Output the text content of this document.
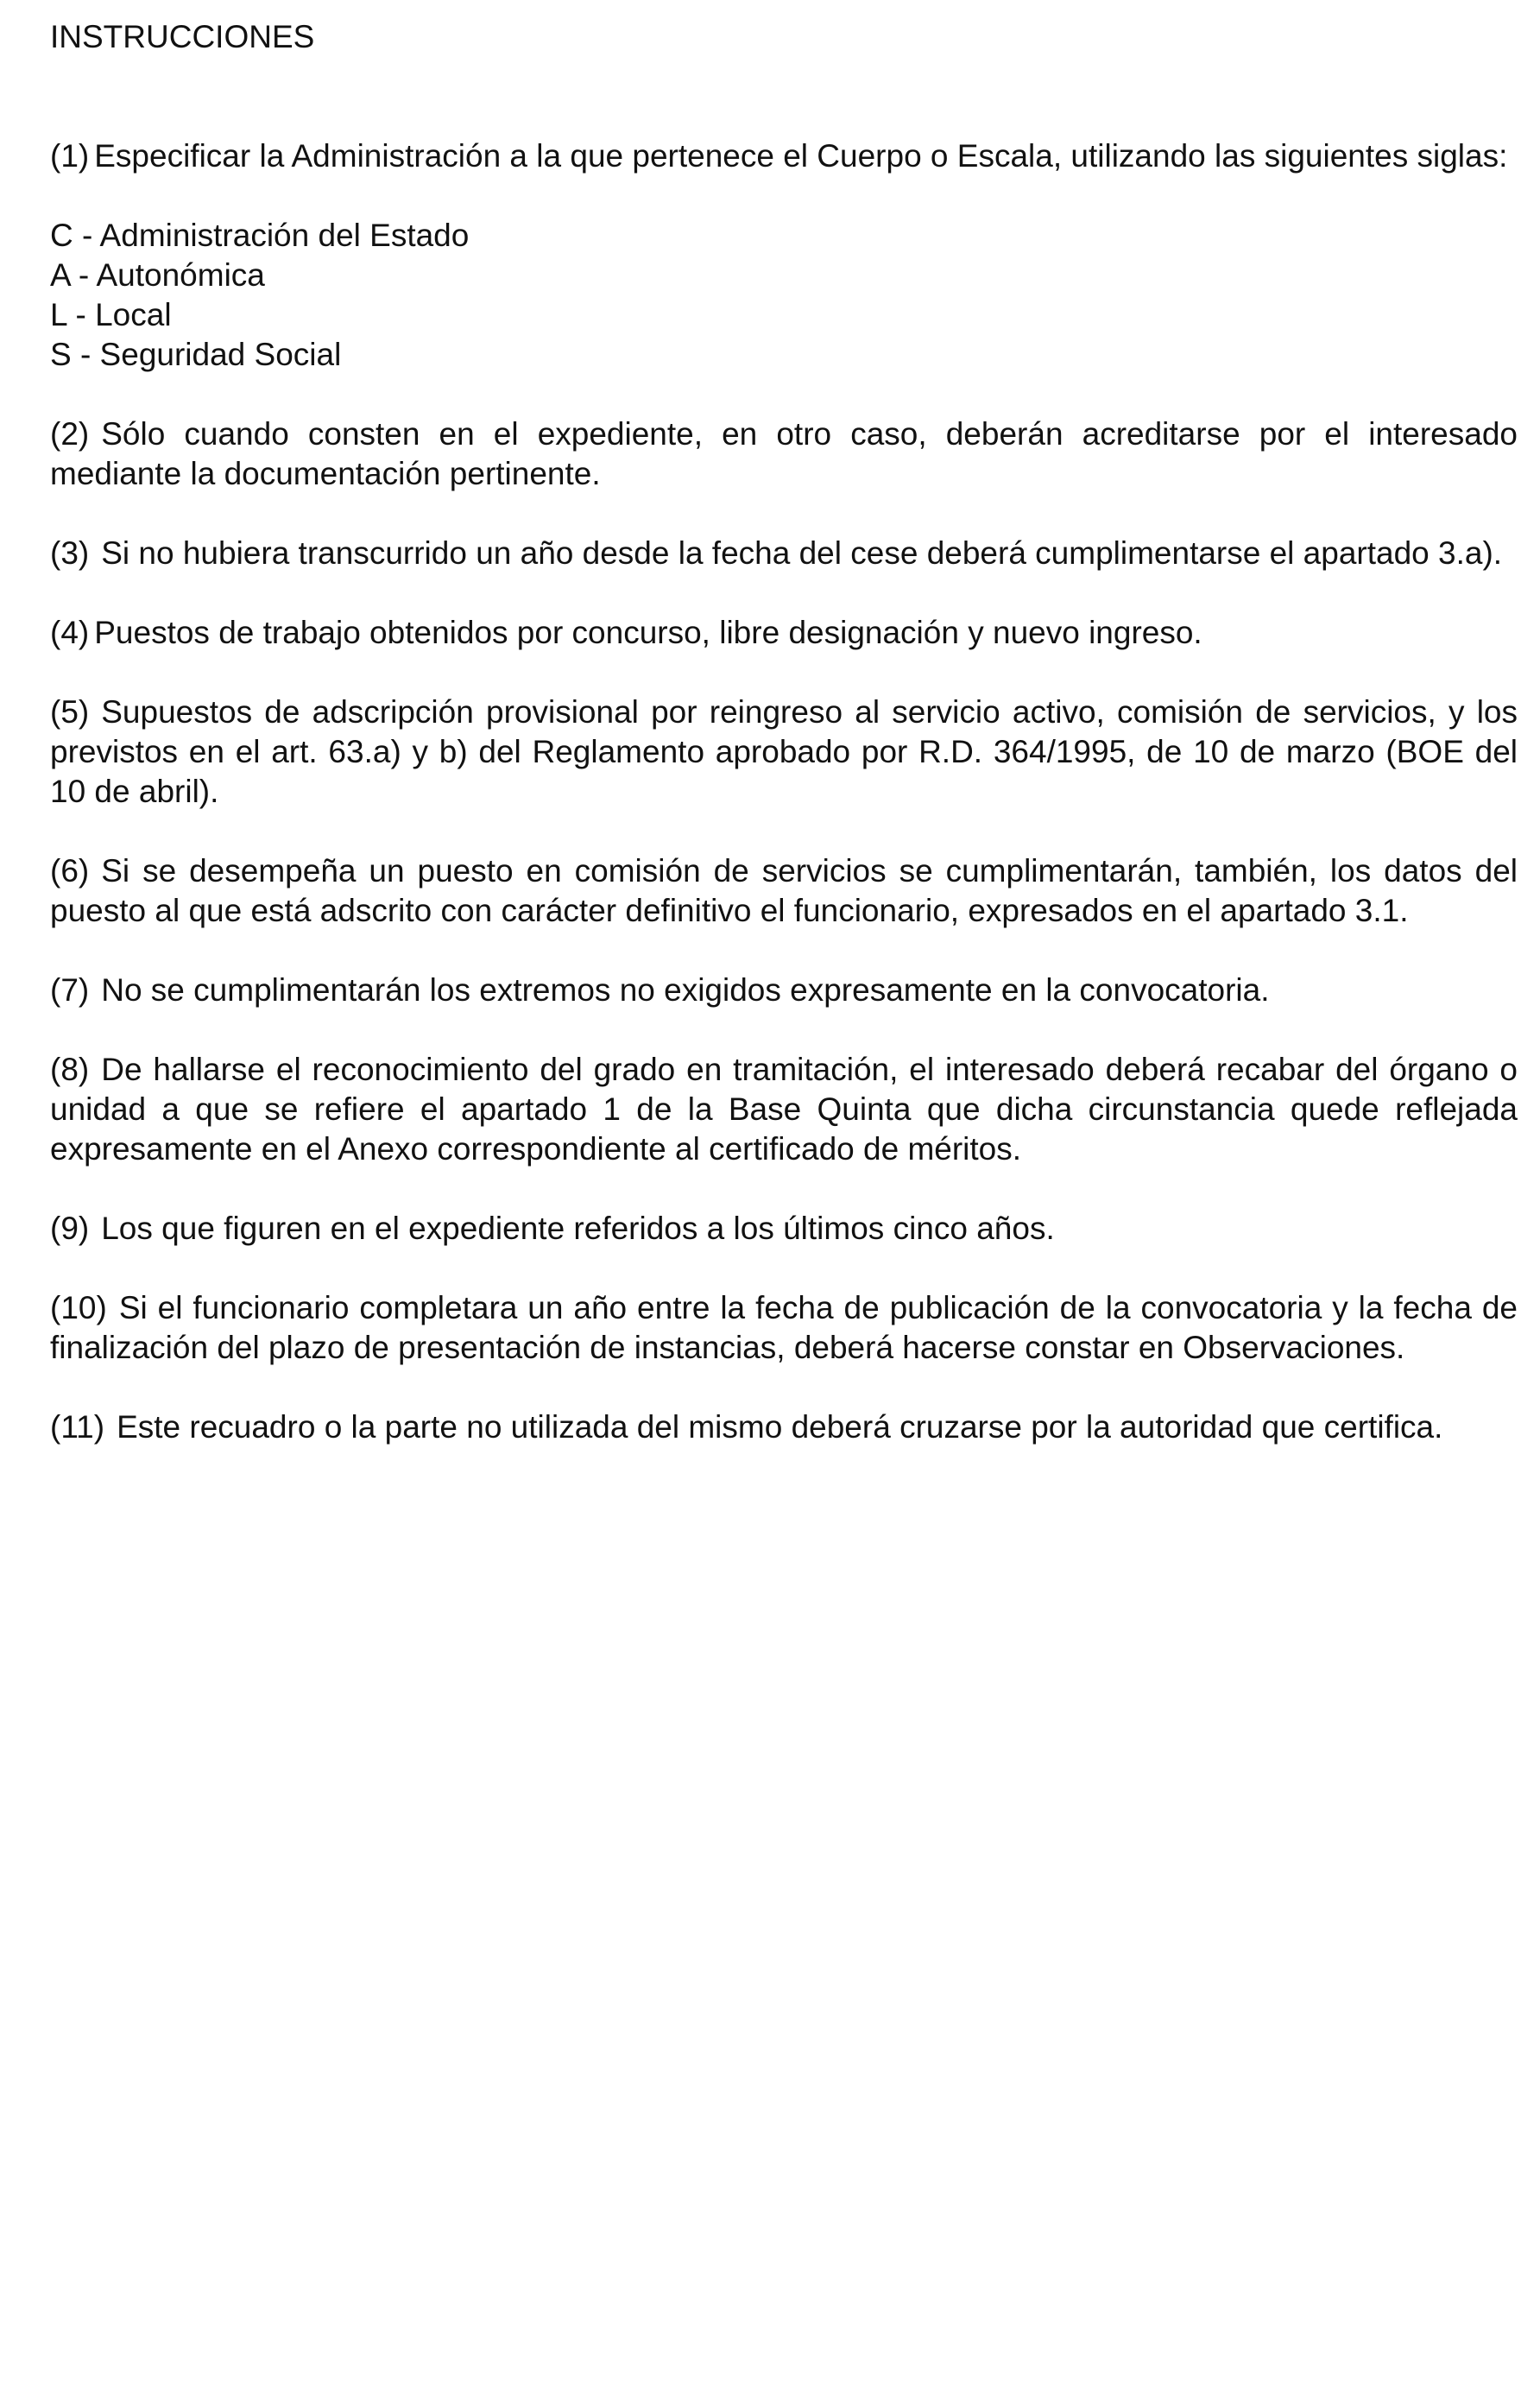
INSTRUCCIONES

(1) Especificar la Administración a la que pertenece el Cuerpo o Escala, utilizando las siguientes siglas:

C - Administración del Estado
A - Autonómica
L - Local
S - Seguridad Social

(2) Sólo cuando consten en el expediente, en otro caso, deberán acreditarse por el interesado mediante la documentación pertinente.

(3) Si no hubiera transcurrido un año desde la fecha del cese deberá cumplimentarse el apartado 3.a).

(4) Puestos de trabajo obtenidos por concurso, libre designación y nuevo ingreso.

(5) Supuestos de adscripción provisional por reingreso al servicio activo, comisión de servicios, y los previstos en el art. 63.a) y b) del Reglamento aprobado por R.D. 364/1995, de 10 de marzo (BOE del 10 de abril).

(6) Si se desempeña un puesto en comisión de servicios se cumplimentarán, también, los datos del puesto al que está adscrito con carácter definitivo el funcionario, expresados en el apartado 3.1.

(7) No se cumplimentarán los extremos no exigidos expresamente en la convocatoria.

(8) De hallarse el reconocimiento del grado en tramitación, el interesado deberá recabar del órgano o unidad a que se refiere el apartado 1 de la Base Quinta que dicha circunstancia quede reflejada expresamente en el Anexo correspondiente al certificado de méritos.

(9) Los que figuren en el expediente referidos a los últimos cinco años.

(10) Si el funcionario completara un año entre la fecha de publicación de la convocatoria y la fecha de finalización del plazo de presentación de instancias, deberá hacerse constar en Observaciones.

(11) Este recuadro o la parte no utilizada del mismo deberá cruzarse por la autoridad que certifica.
